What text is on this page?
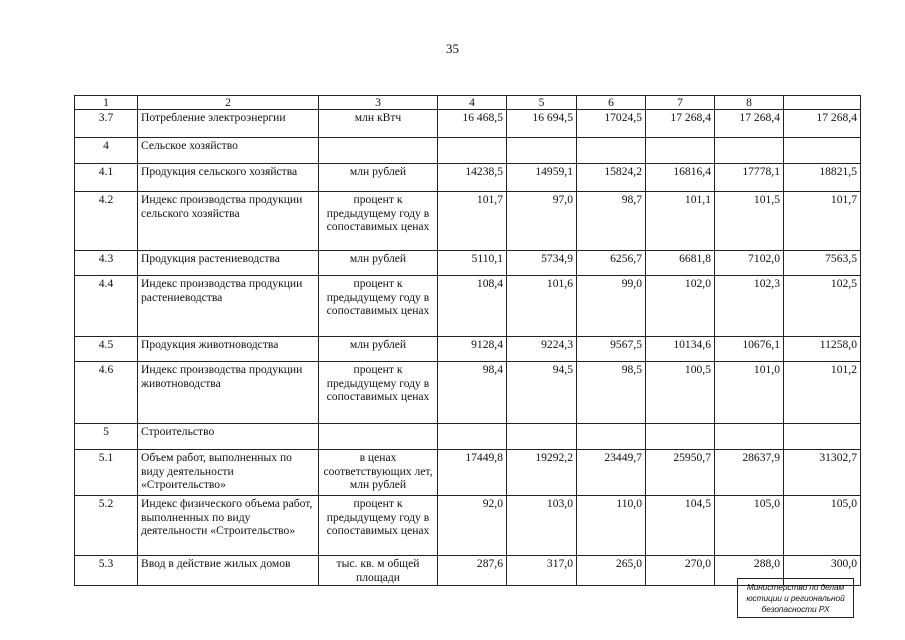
35
1	2	3	4	5	6	7	8	
3.7	Потребление электроэнергии	млн кВтч	16 468,5	16 694,5	17024,5	17 268,4	17 268,4	17 268,4
4	Сельское хозяйство							
4.1	Продукция сельского хозяйства	млн рублей	14238,5	14959,1	15824,2	16816,4	17778,1	18821,5
4.2	Индекс производства продукции сельского хозяйства	процент к предыдущему году в сопоставимых ценах	101,7	97,0	98,7	101,1	101,5	101,7
4.3	Продукция растениеводства	млн рублей	5110,1	5734,9	6256,7	6681,8	7102,0	7563,5
4.4	Индекс производства продукции растениеводства	процент к предыдущему году в сопоставимых ценах	108,4	101,6	99,0	102,0	102,3	102,5
4.5	Продукция животноводства	млн рублей	9128,4	9224,3	9567,5	10134,6	10676,1	11258,0
4.6	Индекс производства продукции животноводства	процент к предыдущему году в сопоставимых ценах	98,4	94,5	98,5	100,5	101,0	101,2
5	Строительство							
5.1	Объем работ, выполненных по виду деятельности «Строительство»	в ценах соответствующих лет, млн рублей	17449,8	19292,2	23449,7	25950,7	28637,9	31302,7
5.2	Индекс физического объема работ, выполненных по виду деятельности «Строительство»	процент к предыдущему году в сопоставимых ценах	92,0	103,0	110,0	104,5	105,0	105,0
5.3	Ввод в действие жилых домов	тыс. кв. м общей площади	287,6	317,0	265,0	270,0	288,0	300,0
Министерство по делам
юстиции и региональной
безопасности РХ
